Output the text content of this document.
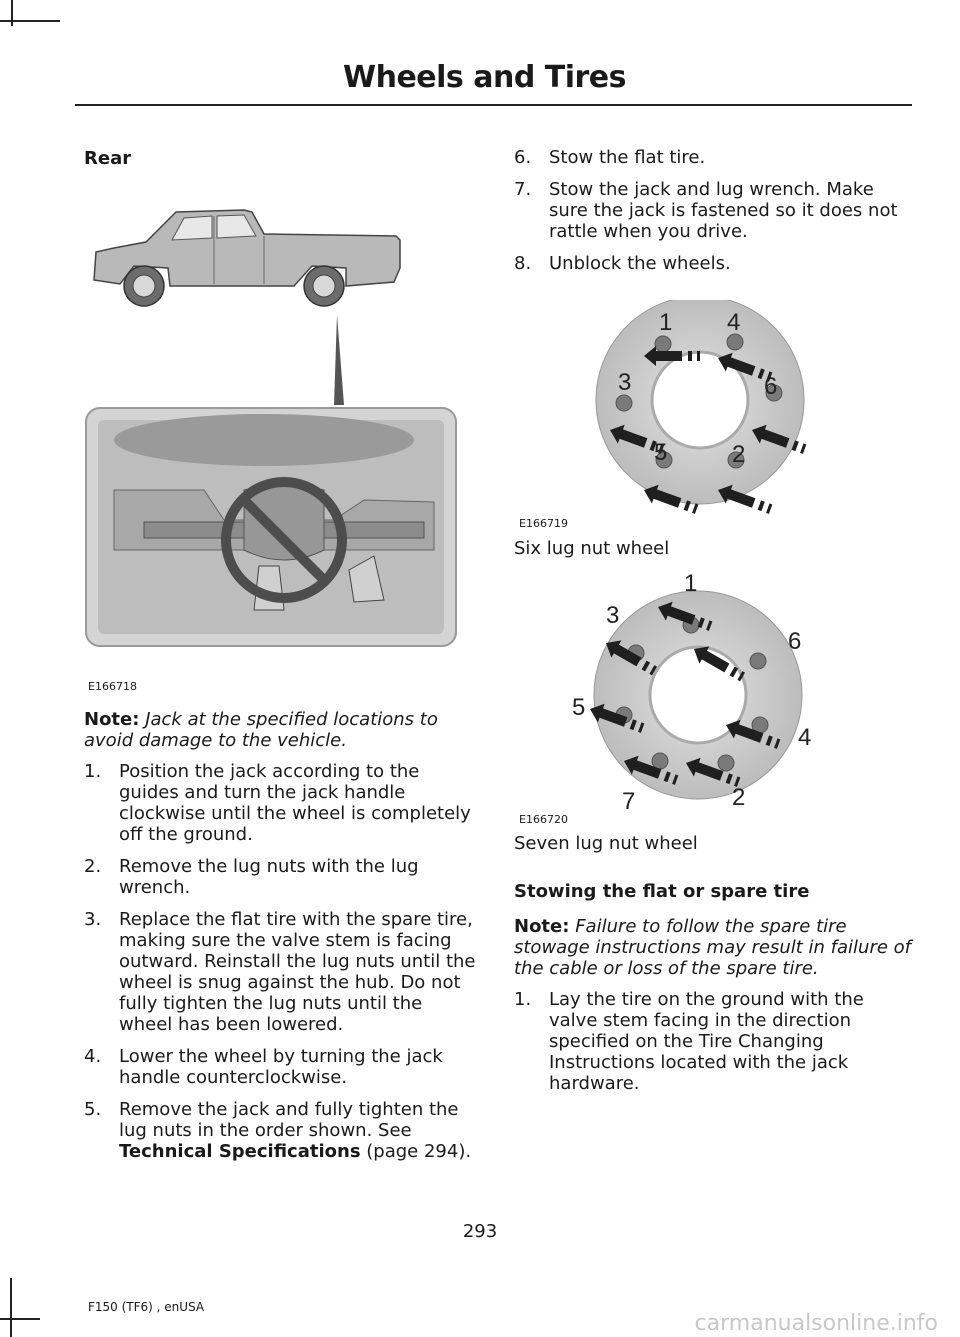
Wheels and Tires
Rear
E166718
Note: Jack at the specified locations to avoid damage to the vehicle.
1. Position the jack according to the guides and turn the jack handle clockwise until the wheel is completely off the ground.
2. Remove the lug nuts with the lug wrench.
3. Replace the flat tire with the spare tire, making sure the valve stem is facing outward. Reinstall the lug nuts until the wheel is snug against the hub. Do not fully tighten the lug nuts until the wheel has been lowered.
4. Lower the wheel by turning the jack handle counterclockwise.
5. Remove the jack and fully tighten the lug nuts in the order shown. See Technical Specifications (page 294).
6. Stow the flat tire.
7. Stow the jack and lug wrench. Make sure the jack is fastened so it does not rattle when you drive.
8. Unblock the wheels.
1 4
3	6
5	2
E166719
Six lug nut wheel
1
3
6
5
4
7	2
E166720
Seven lug nut wheel
Stowing the flat or spare tire
Note: Failure to follow the spare tire stowage instructions may result in failure of the cable or loss of the spare tire.
1. Lay the tire on the ground with the valve stem facing in the direction specified on the Tire Changing Instructions located with the jack hardware.
293
F150 (TF6) , enUSA
carmanualsonline.info
